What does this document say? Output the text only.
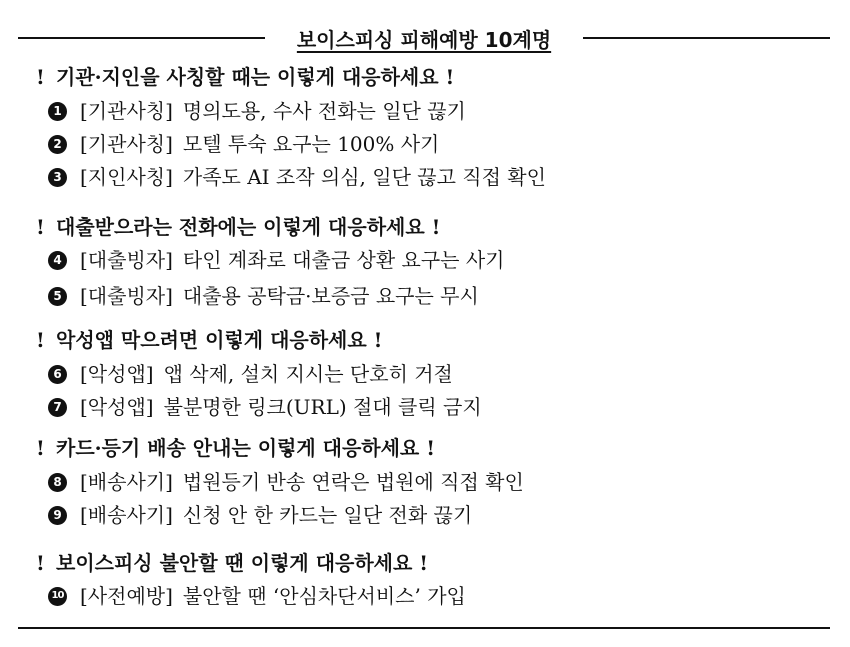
보이스피싱 피해예방 10계명
! 기관·지인을 사칭할 때는 이렇게 대응하세요 !
1 [기관사칭] 명의도용, 수사 전화는 일단 끊기
2 [기관사칭] 모텔 투숙 요구는 100% 사기
3 [지인사칭] 가족도 AI 조작 의심, 일단 끊고 직접 확인
! 대출받으라는 전화에는 이렇게 대응하세요 !
4 [대출빙자] 타인 계좌로 대출금 상환 요구는 사기
5 [대출빙자] 대출용 공탁금·보증금 요구는 무시
! 악성앱 막으려면 이렇게 대응하세요 !
6 [악성앱] 앱 삭제, 설치 지시는 단호히 거절
7 [악성앱] 불분명한 링크(URL) 절대 클릭 금지
! 카드·등기 배송 안내는 이렇게 대응하세요 !
8 [배송사기] 법원등기 반송 연락은 법원에 직접 확인
9 [배송사기] 신청 안 한 카드는 일단 전화 끊기
! 보이스피싱 불안할 땐 이렇게 대응하세요 !
10 [사전예방] 불안할 땐 ‘안심차단서비스’ 가입
